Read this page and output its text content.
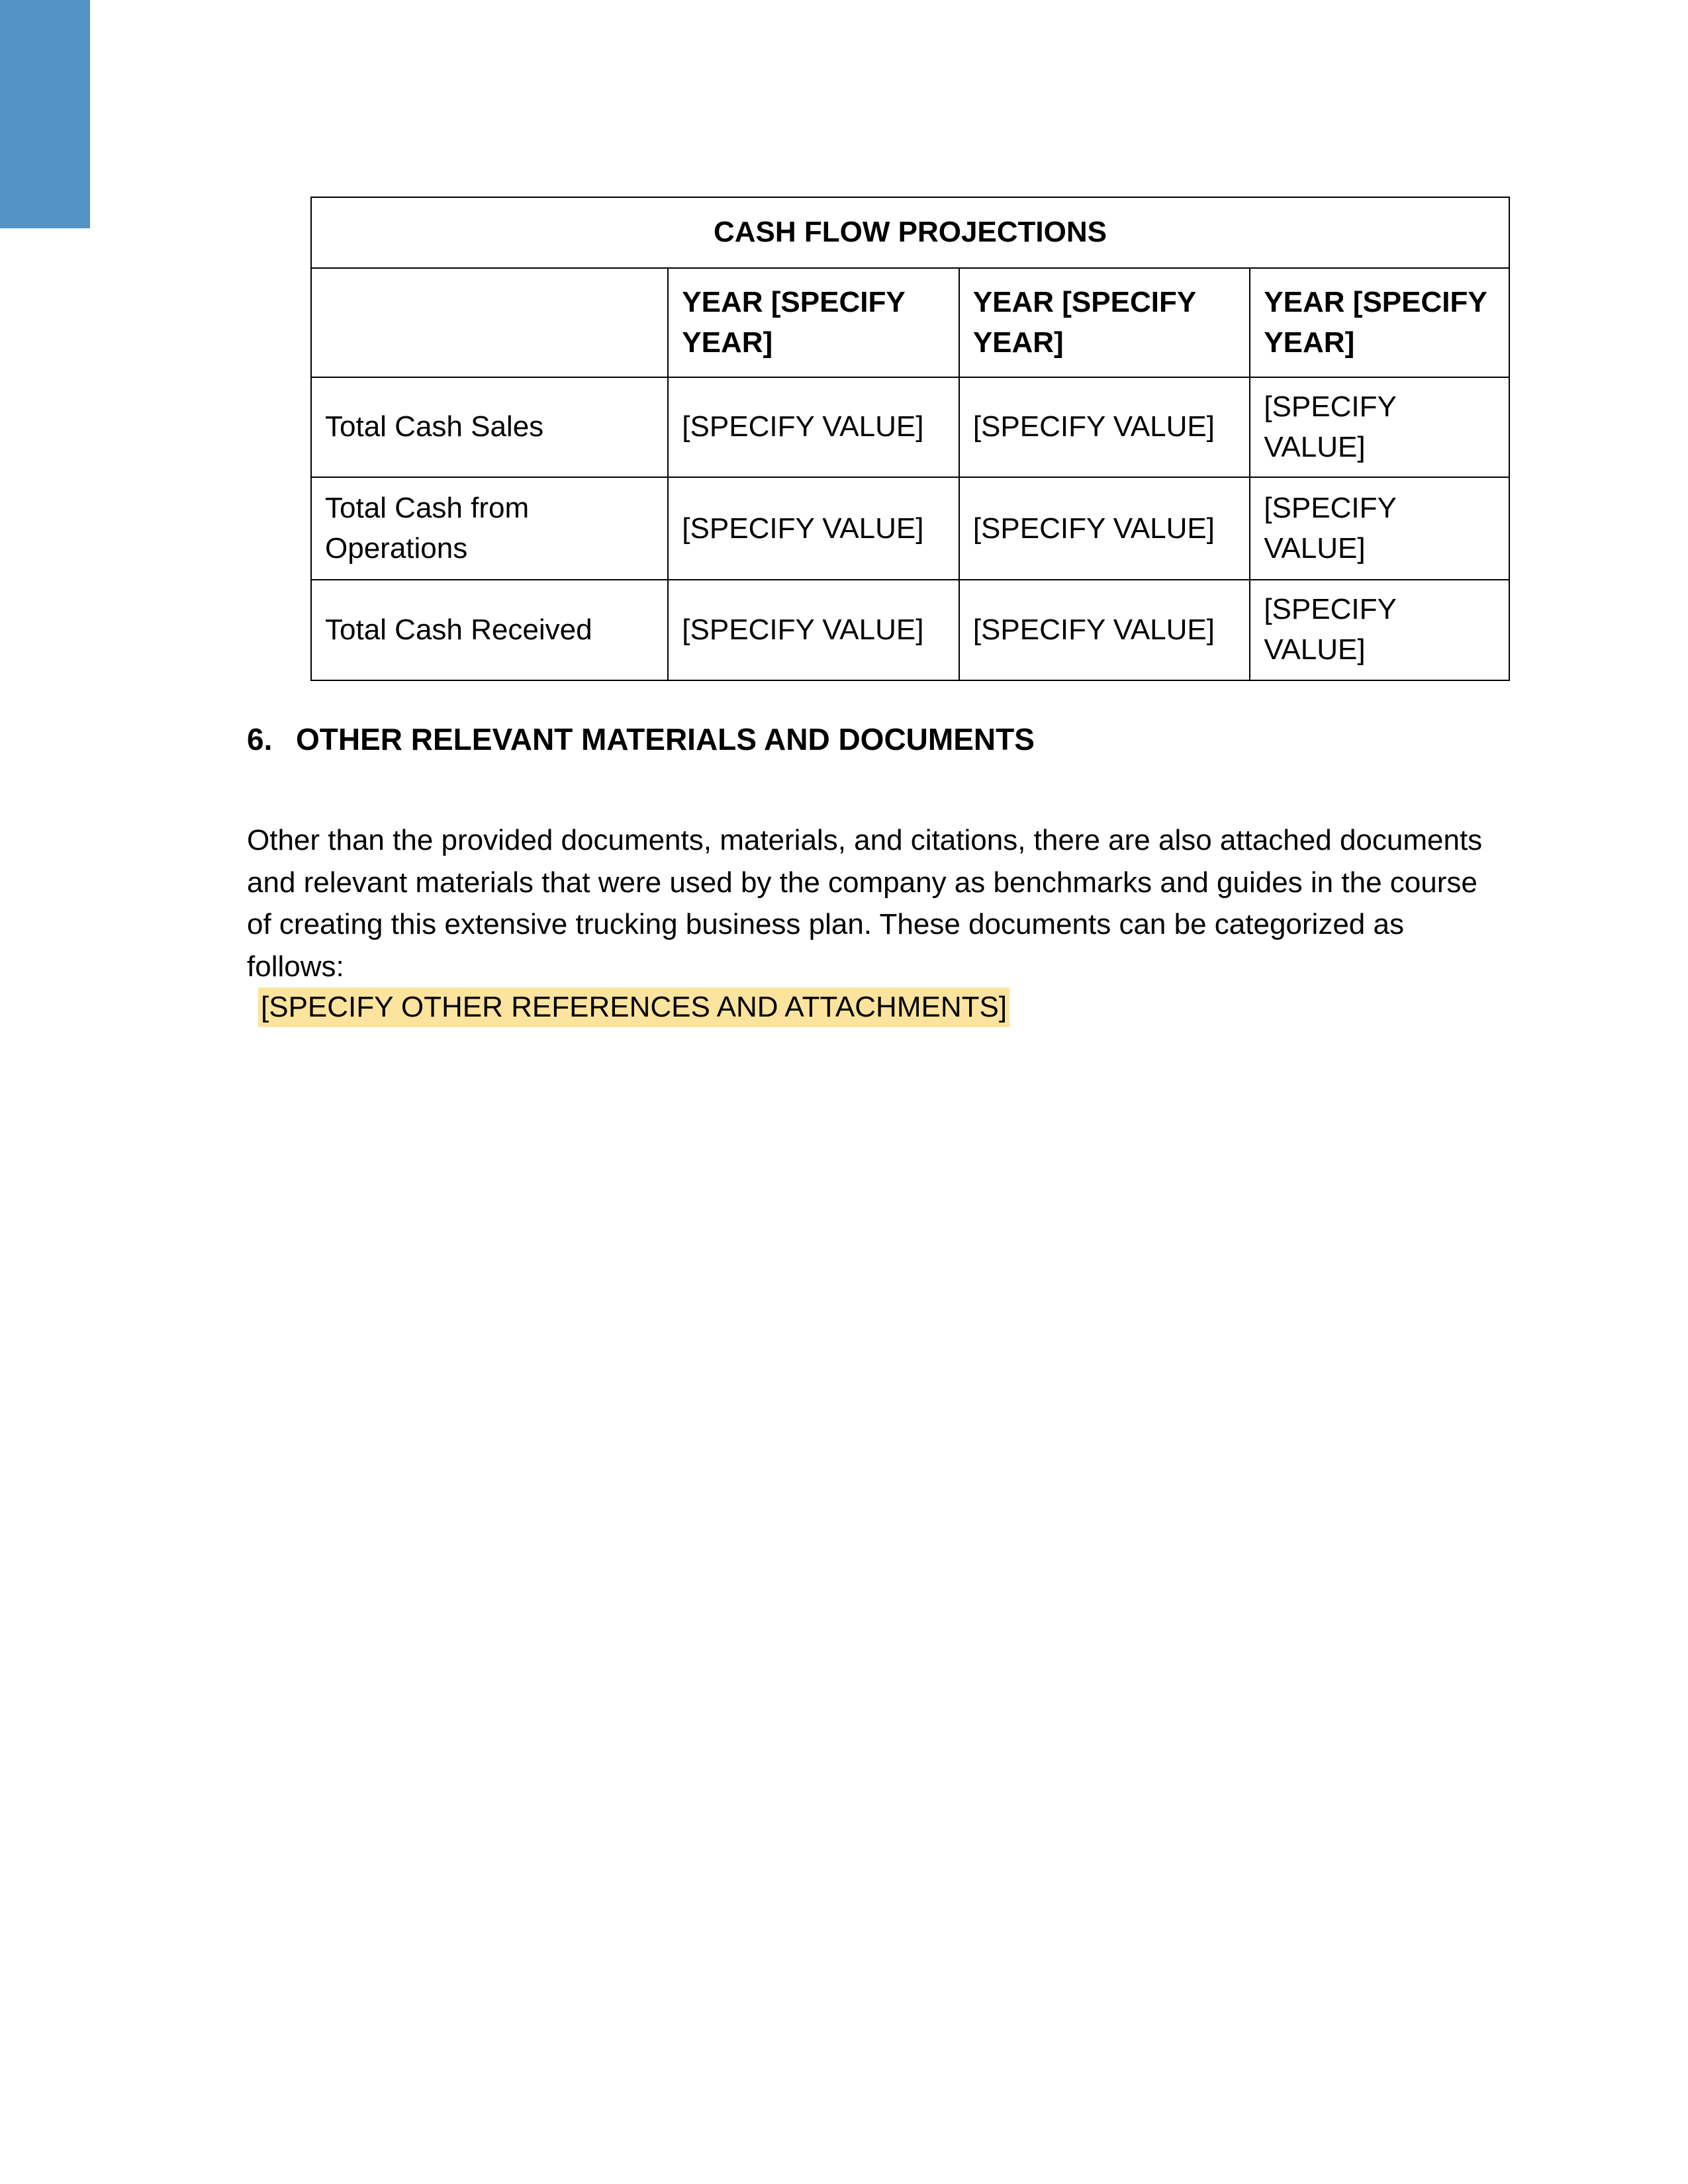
CASH FLOW PROJECTIONS			
	YEAR [SPECIFY YEAR]	YEAR [SPECIFY YEAR]	YEAR [SPECIFY YEAR]
Total Cash Sales	[SPECIFY VALUE]	[SPECIFY VALUE]	[SPECIFY VALUE]
Total Cash from Operations	[SPECIFY VALUE]	[SPECIFY VALUE]	[SPECIFY VALUE]
Total Cash Received	[SPECIFY VALUE]	[SPECIFY VALUE]	[SPECIFY VALUE]
6. OTHER RELEVANT MATERIALS AND DOCUMENTS

Other than the provided documents, materials, and citations, there are also attached documents and relevant materials that were used by the company as benchmarks and guides in the course of creating this extensive trucking business plan. These documents can be categorized as follows:

[SPECIFY OTHER REFERENCES AND ATTACHMENTS]
